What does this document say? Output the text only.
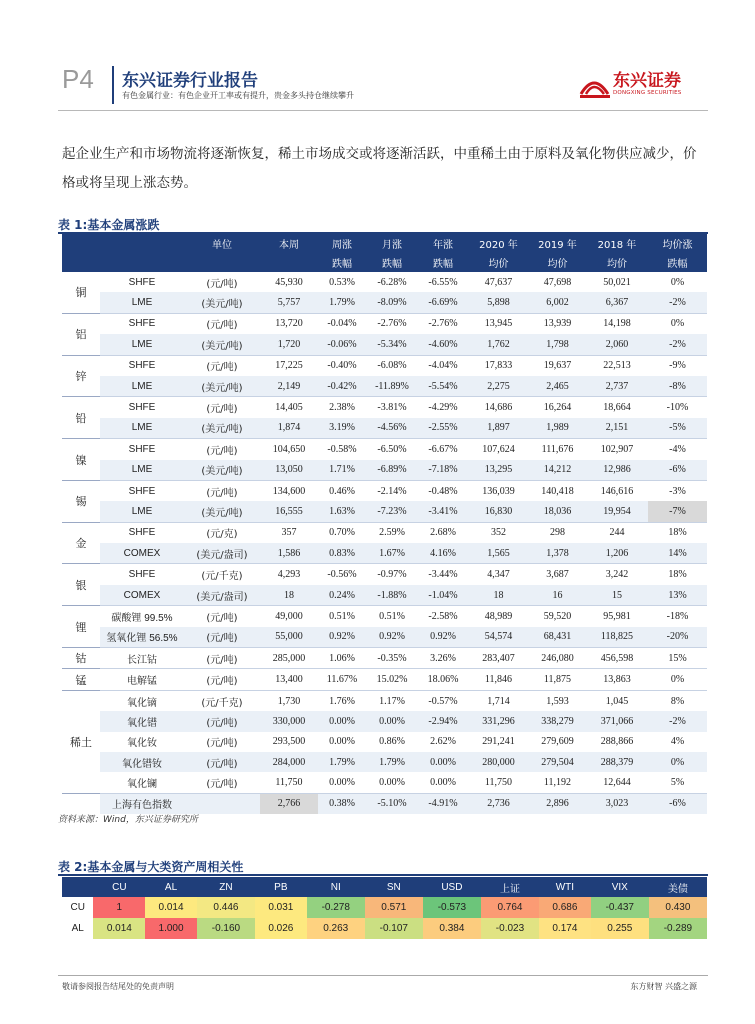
P4 东兴证券行业报告
有色金属行业：有色企业开工率或有提升，贵金多头持仓继续攀升
东兴证券
DONGXING SECURITIES
起企业生产和市场物流将逐渐恢复，稀土市场成交或将逐渐活跃，中重稀土由于原料及氧化物供应减少，价格或将呈现上涨态势。
表 1:基本金属涨跌
		单位	本周	周涨	月涨	年涨	2020 年	2019 年	2018 年	均价涨
				跌幅	跌幅	跌幅	均价	均价	均价	跌幅
铜	SHFE	(元/吨)	45,930	0.53%	-6.28%	-6.55%	47,637	47,698	50,021	0%
	LME	(美元/吨)	5,757	1.79%	-8.09%	-6.69%	5,898	6,002	6,367	-2%
铝	SHFE	(元/吨)	13,720	-0.04%	-2.76%	-2.76%	13,945	13,939	14,198	0%
	LME	(美元/吨)	1,720	-0.06%	-5.34%	-4.60%	1,762	1,798	2,060	-2%
锌	SHFE	(元/吨)	17,225	-0.40%	-6.08%	-4.04%	17,833	19,637	22,513	-9%
	LME	(美元/吨)	2,149	-0.42%	-11.89%	-5.54%	2,275	2,465	2,737	-8%
铅	SHFE	(元/吨)	14,405	2.38%	-3.81%	-4.29%	14,686	16,264	18,664	-10%
	LME	(美元/吨)	1,874	3.19%	-4.56%	-2.55%	1,897	1,989	2,151	-5%
镍	SHFE	(元/吨)	104,650	-0.58%	-6.50%	-6.67%	107,624	111,676	102,907	-4%
	LME	(美元/吨)	13,050	1.71%	-6.89%	-7.18%	13,295	14,212	12,986	-6%
锡	SHFE	(元/吨)	134,600	0.46%	-2.14%	-0.48%	136,039	140,418	146,616	-3%
	LME	(美元/吨)	16,555	1.63%	-7.23%	-3.41%	16,830	18,036	19,954	-7%
金	SHFE	(元/克)	357	0.70%	2.59%	2.68%	352	298	244	18%
	COMEX	(美元/盎司)	1,586	0.83%	1.67%	4.16%	1,565	1,378	1,206	14%
银	SHFE	(元/千克)	4,293	-0.56%	-0.97%	-3.44%	4,347	3,687	3,242	18%
	COMEX	(美元/盎司)	18	0.24%	-1.88%	-1.04%	18	16	15	13%
锂	碳酸锂 99.5%	(元/吨)	49,000	0.51%	0.51%	-2.58%	48,989	59,520	95,981	-18%
	氢氧化锂 56.5%	(元/吨)	55,000	0.92%	0.92%	0.92%	54,574	68,431	118,825	-20%
钴	长江钴	(元/吨)	285,000	1.06%	-0.35%	3.26%	283,407	246,080	456,598	15%
锰	电解锰	(元/吨)	13,400	11.67%	15.02%	18.06%	11,846	11,875	13,863	0%
稀土	氧化镝	(元/千克)	1,730	1.76%	1.17%	-0.57%	1,714	1,593	1,045	8%
	氧化镨	(元/吨)	330,000	0.00%	0.00%	-2.94%	331,296	338,279	371,066	-2%
	氧化钕	(元/吨)	293,500	0.00%	0.86%	2.62%	291,241	279,609	288,866	4%
	氧化镨钕	(元/吨)	284,000	1.79%	1.79%	0.00%	280,000	279,504	288,379	0%
	氧化镧	(元/吨)	11,750	0.00%	0.00%	0.00%	11,750	11,192	12,644	5%
	上海有色指数		2,766	0.38%	-5.10%	-4.91%	2,736	2,896	3,023	-6%
资料来源：Wind，东兴证券研究所
表 2:基本金属与大类资产周相关性
	CU	AL	ZN	PB	NI	SN	USD	上证	WTI	VIX	美债
CU	1	0.014	0.446	0.031	-0.278	0.571	-0.573	0.764	0.686	-0.437	0.430
AL	0.014	1.000	-0.160	0.026	0.263	-0.107	0.384	-0.023	0.174	0.255	-0.289
敬请参阅报告结尾处的免责声明	东方财智 兴盛之源
